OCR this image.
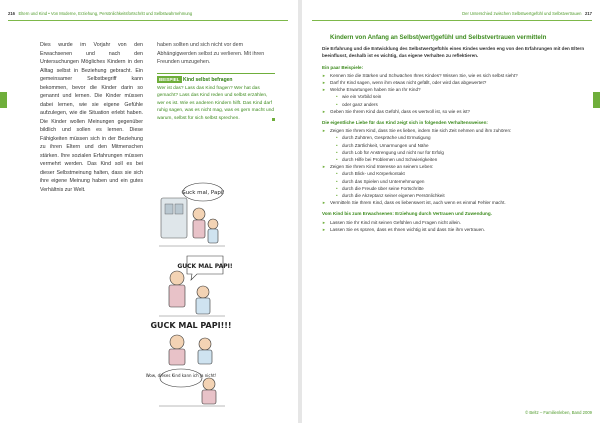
216 Eltern und Kind • Von Moderne, Erziehung, Persönlichkeitsfortschritt und Selbstwahrnehmung

Dies wurde im Vorjahr von den Erwachsenen und nach den Untersuchungen Mögliches Kindern in den Alltag selbst in Beziehung gebracht. Ein gemeinsamer Selbstbegriff kann bekommen, bevor die Kinder darin so genannt und lernen. Die Kinder müssen dabei lernen, wie sie eigene Gefühle aufzulegen, wie die Situation erlebt haben. Die Kinder wollen Meinungen gegenüber bildlich und sollen es lernen. Diese Fähigkeiten müssen sich in der Beziehung zu ihren Eltern und den Mitmenschen stärken. Ihre sozialen Erfahrungen müssen vermehrt werden. Das Kind soll es bei dieser Selbstmeinung halten, dass sie sich ihre eigene Meinung haben und ein gutes Verhältnis zur Welt.

haben sollten und sich nicht vor dem Abhängigwerden selbst zu verlieren. Mit ihren Freunden umzugehen.

BEISPIEL Kind selbst befragen
Wer ist das? Lass das Kind fragen? Wer hat das gemacht? Lass das Kind reden und selbst erzählen, wer es ist. Wie es anderen Kindern hilft. Das Kind darf ruhig sagen, was es nicht mag, was es gern macht und warum, selbst für sich selbst sprechen.
Guck mal, Papi!
GUCK MAL PAPI!
GUCK MAL PAPI!!!
Wow, dieses Kind kann ich ja nicht!
Der Unterschied zwischen Selbstwertgefühl und Selbstvertrauen 217
Kindern von Anfang an Selbst(wert)gefühl und Selbstvertrauen vermitteln

Die Erfahrung und die Entwicklung des Selbstwertgefühls eines Kindes werden eng von den Erfahrungen mit den Eltern beeinflusst, deshalb ist es wichtig, das eigene Verhalten zu reflektieren.

Ein paar Beispiele:
► Kennen Sie die Stärken und Schwächen Ihres Kindes? Wissen Sie, wie es sich selbst sieht?
► Darf Ihr Kind sagen, wenn ihm etwas nicht gefällt, oder wird das abgewertet?
► Welche Erwartungen haben Sie an Ihr Kind?
• wie ein Vorbild sein
• oder ganz anders
► Geben Sie Ihrem Kind das Gefühl, dass es wertvoll ist, so wie es ist?
Die eigentliche Liebe für das Kind zeigt sich in folgenden Verhaltensweisen:
► Zeigen Sie Ihrem Kind, dass Sie es lieben, indem Sie sich Zeit nehmen und ihm zuhören:
• durch Zuhören, Gespräche und Ermutigung
• durch Zärtlichkeit, Umarmungen und Nähe
• durch Lob für Anstrengung und nicht nur für Erfolg
• durch Hilfe bei Problemen und Schwierigkeiten
► Zeigen Sie Ihrem Kind Interesse an seinem Leben:
• durch Blick- und Körperkontakt
• durch das Spielen und Unternehmungen
• durch die Freude über seine Fortschritte
• durch die Akzeptanz seiner eigenen Persönlichkeit
► Vermitteln Sie Ihrem Kind, dass es liebenswert ist, auch wenn es einmal Fehler macht.
Vom Kind bis zum Erwachsenen: Erziehung durch Vertrauen und Zuwendung.
► Lassen Sie Ihr Kind mit seinen Gefühlen und Fragen nicht allein.
► Lassen Sie es spüren, dass es Ihnen wichtig ist und dass Sie ihm vertrauen.
© Beltz – Familienleben, Band 2009
